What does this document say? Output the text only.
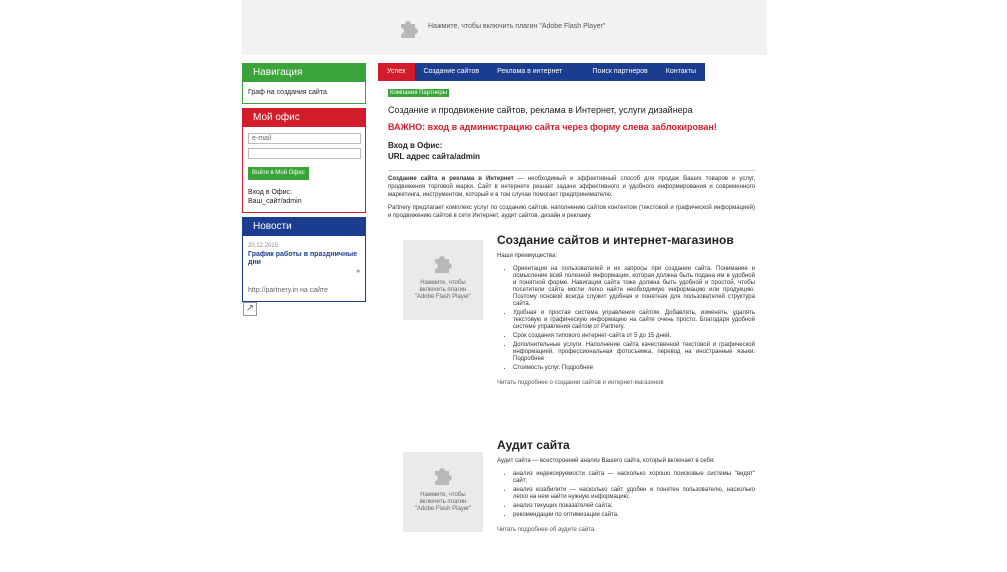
Нажмите, чтобы включить плагин "Adobe Flash Player"
Навигация
Граф на создания сайта
Мой офис
e-mail
Войти в Мой Офис
Вход в Офис:
Ваш_сайт/admin
Новости
20.12.2015
График работы в праздничные дни
»
http://partnery.in на сайте
↗
Успех	Создание сайтов	Реклама в интернет	Поиск партнеров	Контакты
Компания Партнеры
Создание и продвижение сайтов, реклама в Интернет, услуги дизайнера
ВАЖНО: вход в администрацию сайта через форму слева заблокирован!
Вход в Офис:
URL адрес сайта/admin
Создание сайта и реклама в Интернет — необходимый и эффективный способ для продаж Ваших товаров и услуг, продвижения торговой марки. Сайт в интернете решает задачи эффективного и удобного информирования и современного маркетинга, инструментом, который и в том случае помогает предпринимателю.
Partnery предлагает комплекс услуг по созданию сайтов, наполнению сайтов контентом (текстовой и графической информацией) и продвижению сайтов в сети Интернет, аудит сайтов, дизайн и рекламу.
Нажмите, чтобы включить плагин "Adobe Flash Player"
Создание сайтов и интернет-магазинов
Наши преимущества:
• Ориентация на пользователей и их запросы при создании сайта. Понимание и осмысление всей полезной информации, которая должна быть подана им в удобной и понятной форме. Навигация сайта тоже должна быть удобной и простой, чтобы посетители сайта могли легко найти необходимую информацию или продукцию. Поэтому основой всегда служит удобная и понятная для пользователей структура сайта.
• Удобная и простая система управления сайтом. Добавлять, изменять, удалять текстовую и графическую информацию на сайте очень просто. Благодаря удобной системе управления сайтом от Partnery.
• Срок создания типового интернет-сайта от 5 до 15 дней.
• Дополнительные услуги. Наполнение сайта качественной текстовой и графической информацией, профессиональная фотосъемка, перевод на иностранные языки. Подробнее
• Стоимость услуг. Подробнее
Читать подробнее о создании сайтов и интернет-магазинов
Нажмите, чтобы включить плагин "Adobe Flash Player"
Аудит сайта
Аудит сайта — всесторонний анализ Вашего сайта, который включает в себя:
• анализ индексируемости сайта — насколько хорошо поисковые системы "видят" сайт;
• анализ юзабилити — насколько сайт удобен и понятен пользователю, насколько легко на нем найти нужную информацию;
• анализ текущих показателей сайта;
• рекомендации по оптимизации сайта.
Читать подробнее об аудите сайта.
